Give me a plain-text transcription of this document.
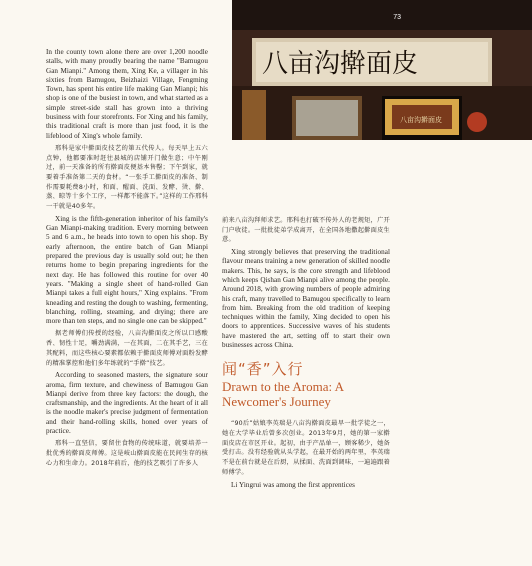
73
八亩沟擀面皮
八亩沟擀面皮

In the county town alone there are over 1,200 noodle stalls, with many proudly bearing the name "Bamugou Gan Mianpi." Among them, Xing Ke, a villager in his sixties from Bamugou, Beizhaizi Village, Fengming Town, has spent his entire life making Gan Mianpi; his shop is one of the busiest in town, and what started as a simple street-side stall has grown into a thriving business with four storefronts. For Xing and his family, this traditional craft is more than just food, it is the lifeblood of Xing's whole family.

邢科是家中擀面皮技艺的第五代传人。每天早上五六点钟，他都要准时赶往县城的店铺开门做生意；中午刚过，前一天准备的所有擀面皮便基本售罄；下午到家，就要着手准备第二天的食材。“一张手工擀面皮的准备、制作需要耗费8小时，和面、醒面、洗面、发酵、烫、擀、蒸、晾等十多个工序，一样都不能落下。”这样的工作邢科一干就是40多年。

Xing is the fifth-generation inheritor of his family's Gan Mianpi-making tradition. Every morning between 5 and 6 a.m., he heads into town to open his shop. By early afternoon, the entire batch of Gan Mianpi prepared the previous day is usually sold out; he then returns home to begin preparing ingredients for the next day. He has followed this routine for over 40 years. "Making a single sheet of hand-rolled Gan Mianpi takes a full eight hours," Xing explains. "From kneading and resting the dough to washing, fermenting, blanching, rolling, steaming, and drying; there are more than ten steps, and no single one can be skipped."

据老师傅们传授的经验，八亩沟擀面皮之所以口感酸香、韧性十足，嚼劲满满，一在其面，二在其手艺，三在其配料，而这些核心要素都依赖于擀面皮师傅对面粉发酵的精准掌控和他们多年练就的“手擀”技艺。

According to seasoned masters, the signature sour aroma, firm texture, and chewiness of Bamugou Gan Mianpi derive from three key factors: the dough, the craftsmanship, and the ingredients. At the heart of it all is the noodle maker's precise judgment of fermentation and their hand-rolling skills, honed over years of practice.

邢科一直坚信，要留住食物的传统味道，就要培养一批优秀的擀面皮师傅。这是岐山擀面皮能在民间生存的核心力和生命力。2018年前后，他的技艺吸引了许多人

前来八亩沟拜师求艺。邢科也打破不传外人的老规矩，广开门户收徒。一批批徒弟学成离开，在全国各地撒起擀面皮生意。

Xing strongly believes that preserving the traditional flavour means training a new generation of skilled noodle makers. This, he says, is the core strength and lifeblood which keeps Qishan Gan Mianpi alive among the people. Around 2018, with growing numbers of people admiring his craft, many travelled to Bamugou specifically to learn from him. Breaking from the old tradition of keeping techniques within the family, Xing decided to open his doors to apprentices. Successive waves of his students have mastered the art, setting off to start their own businesses across China.

闻“香”入行
Drawn to the Aroma: A Newcomer's Journey

“90后”姑娘李英瑞是八亩沟擀面皮最早一批学徒之一，她在大学毕业后曾多次创业。2013年9月，她的第一家擀面皮店在市区开业。起初，由于产品单一，顾客稀少，她备受打击。没有经验就从头学起，在最开始的两年里，李英瑞不是在前台就是在后厨，从揉面、洗面到调味，一遍遍跟着师傅学。

Li Yingrui was among the first apprentices
